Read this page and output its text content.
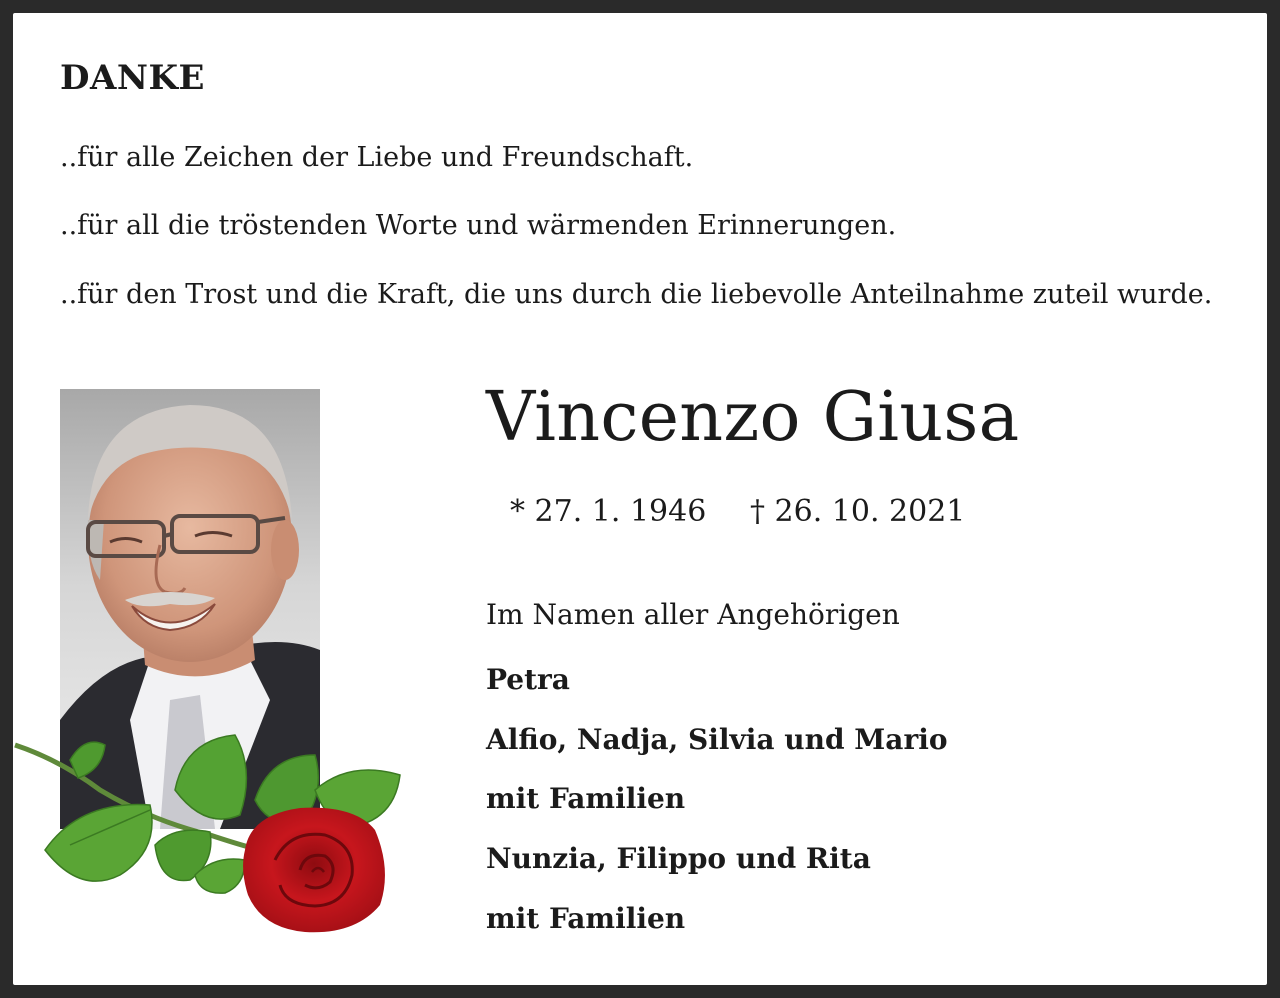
DANKE
..für alle Zeichen der Liebe und Freundschaft.
..für all die tröstenden Worte und wärmenden Erinnerungen.
..für den Trost und die Kraft, die uns durch die liebevolle Anteilnahme zuteil wurde.
Vincenzo Giusa
* 27. 1. 1946 † 26. 10. 2021
Im Namen aller Angehörigen
Petra
Alfio, Nadja, Silvia und Mario
mit Familien
Nunzia, Filippo und Rita
mit Familien
